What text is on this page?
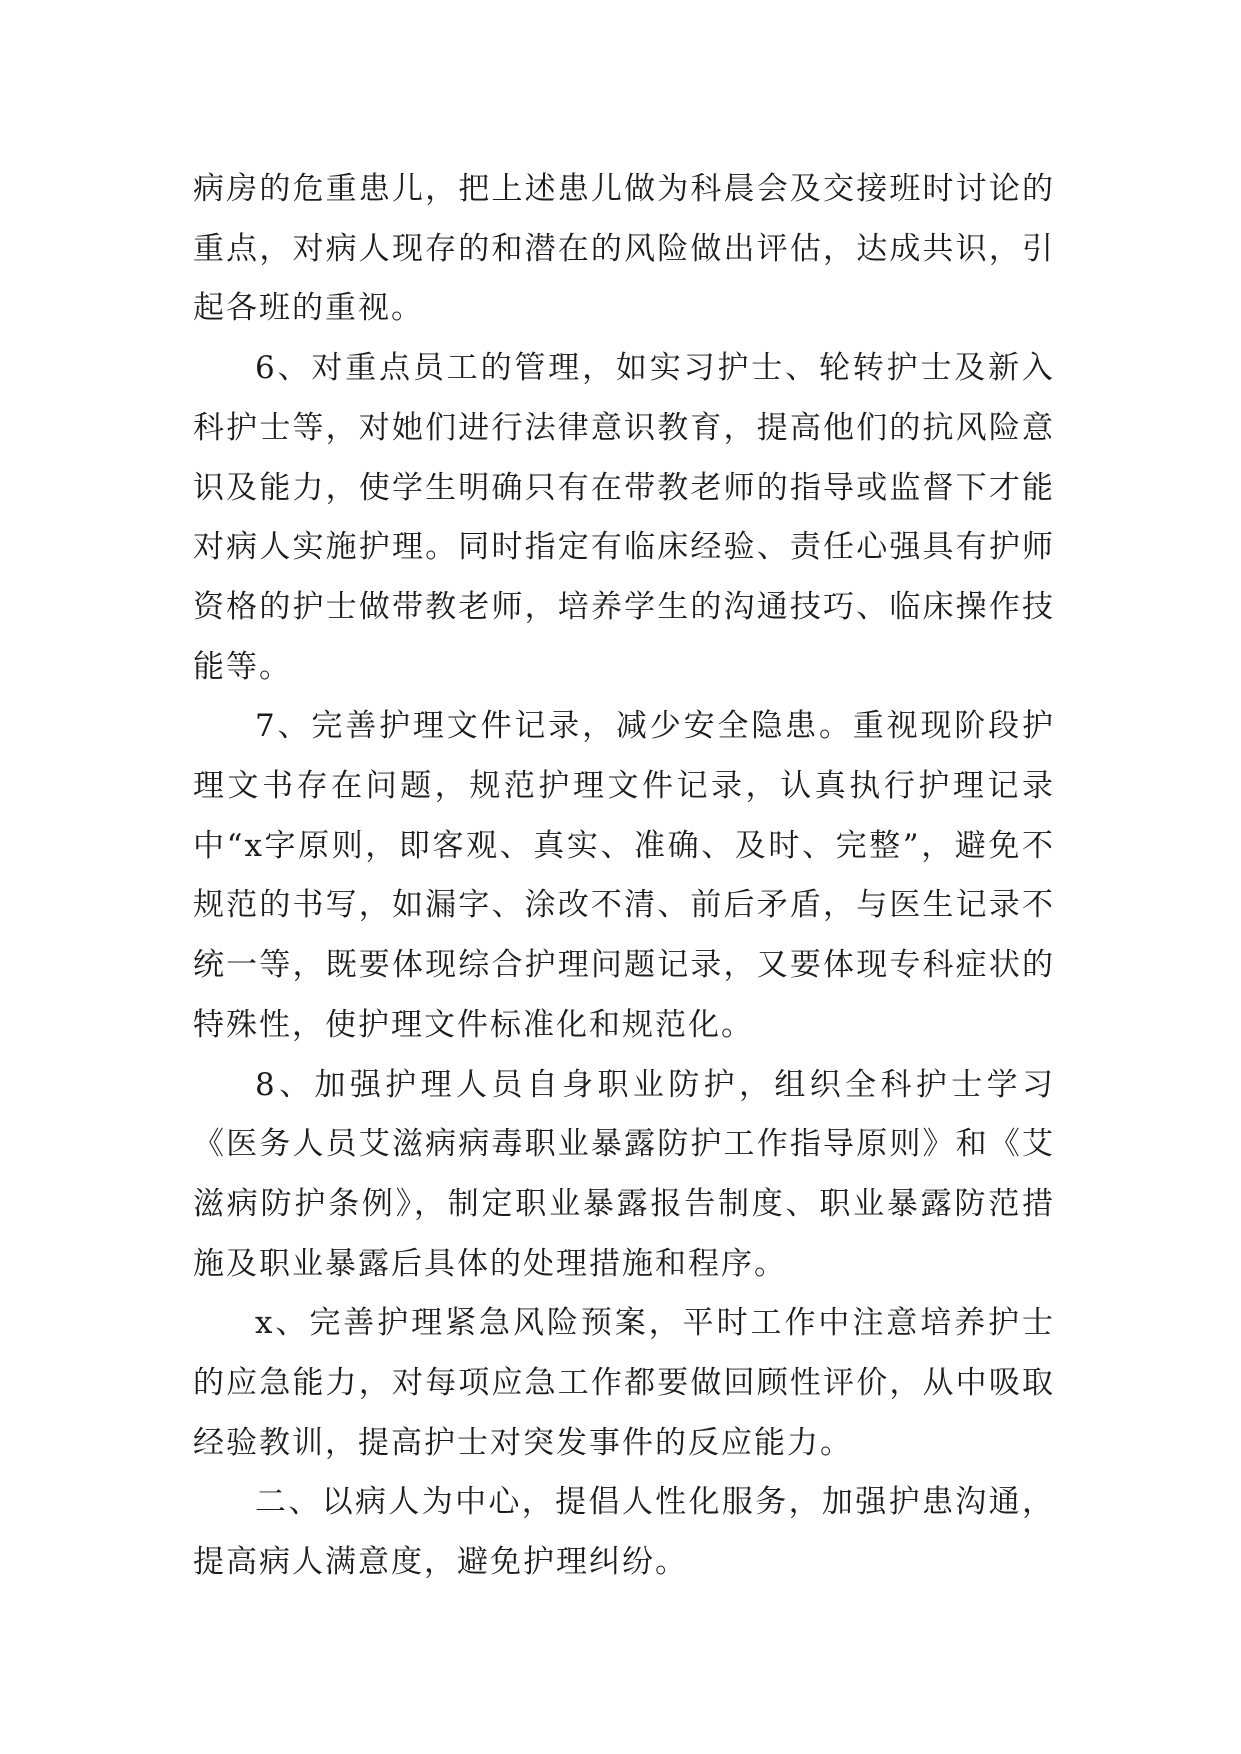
病房的危重患儿，把上述患儿做为科晨会及交接班时讨论的重点，对病人现存的和潜在的风险做出评估，达成共识，引起各班的重视。

6、对重点员工的管理，如实习护士、轮转护士及新入科护士等，对她们进行法律意识教育，提高他们的抗风险意识及能力，使学生明确只有在带教老师的指导或监督下才能对病人实施护理。同时指定有临床经验、责任心强具有护师资格的护士做带教老师，培养学生的沟通技巧、临床操作技能等。

7、完善护理文件记录，减少安全隐患。重视现阶段护理文书存在问题，规范护理文件记录，认真执行护理记录中“x字原则，即客观、真实、准确、及时、完整”，避免不规范的书写，如漏字、涂改不清、前后矛盾，与医生记录不统一等，既要体现综合护理问题记录，又要体现专科症状的特殊性，使护理文件标准化和规范化。

8、加强护理人员自身职业防护，组织全科护士学习《医务人员艾滋病病毒职业暴露防护工作指导原则》和《艾滋病防护条例》，制定职业暴露报告制度、职业暴露防范措施及职业暴露后具体的处理措施和程序。

x、完善护理紧急风险预案，平时工作中注意培养护士的应急能力，对每项应急工作都要做回顾性评价，从中吸取经验教训，提高护士对突发事件的反应能力。

二、以病人为中心，提倡人性化服务，加强护患沟通，提高病人满意度，避免护理纠纷。
